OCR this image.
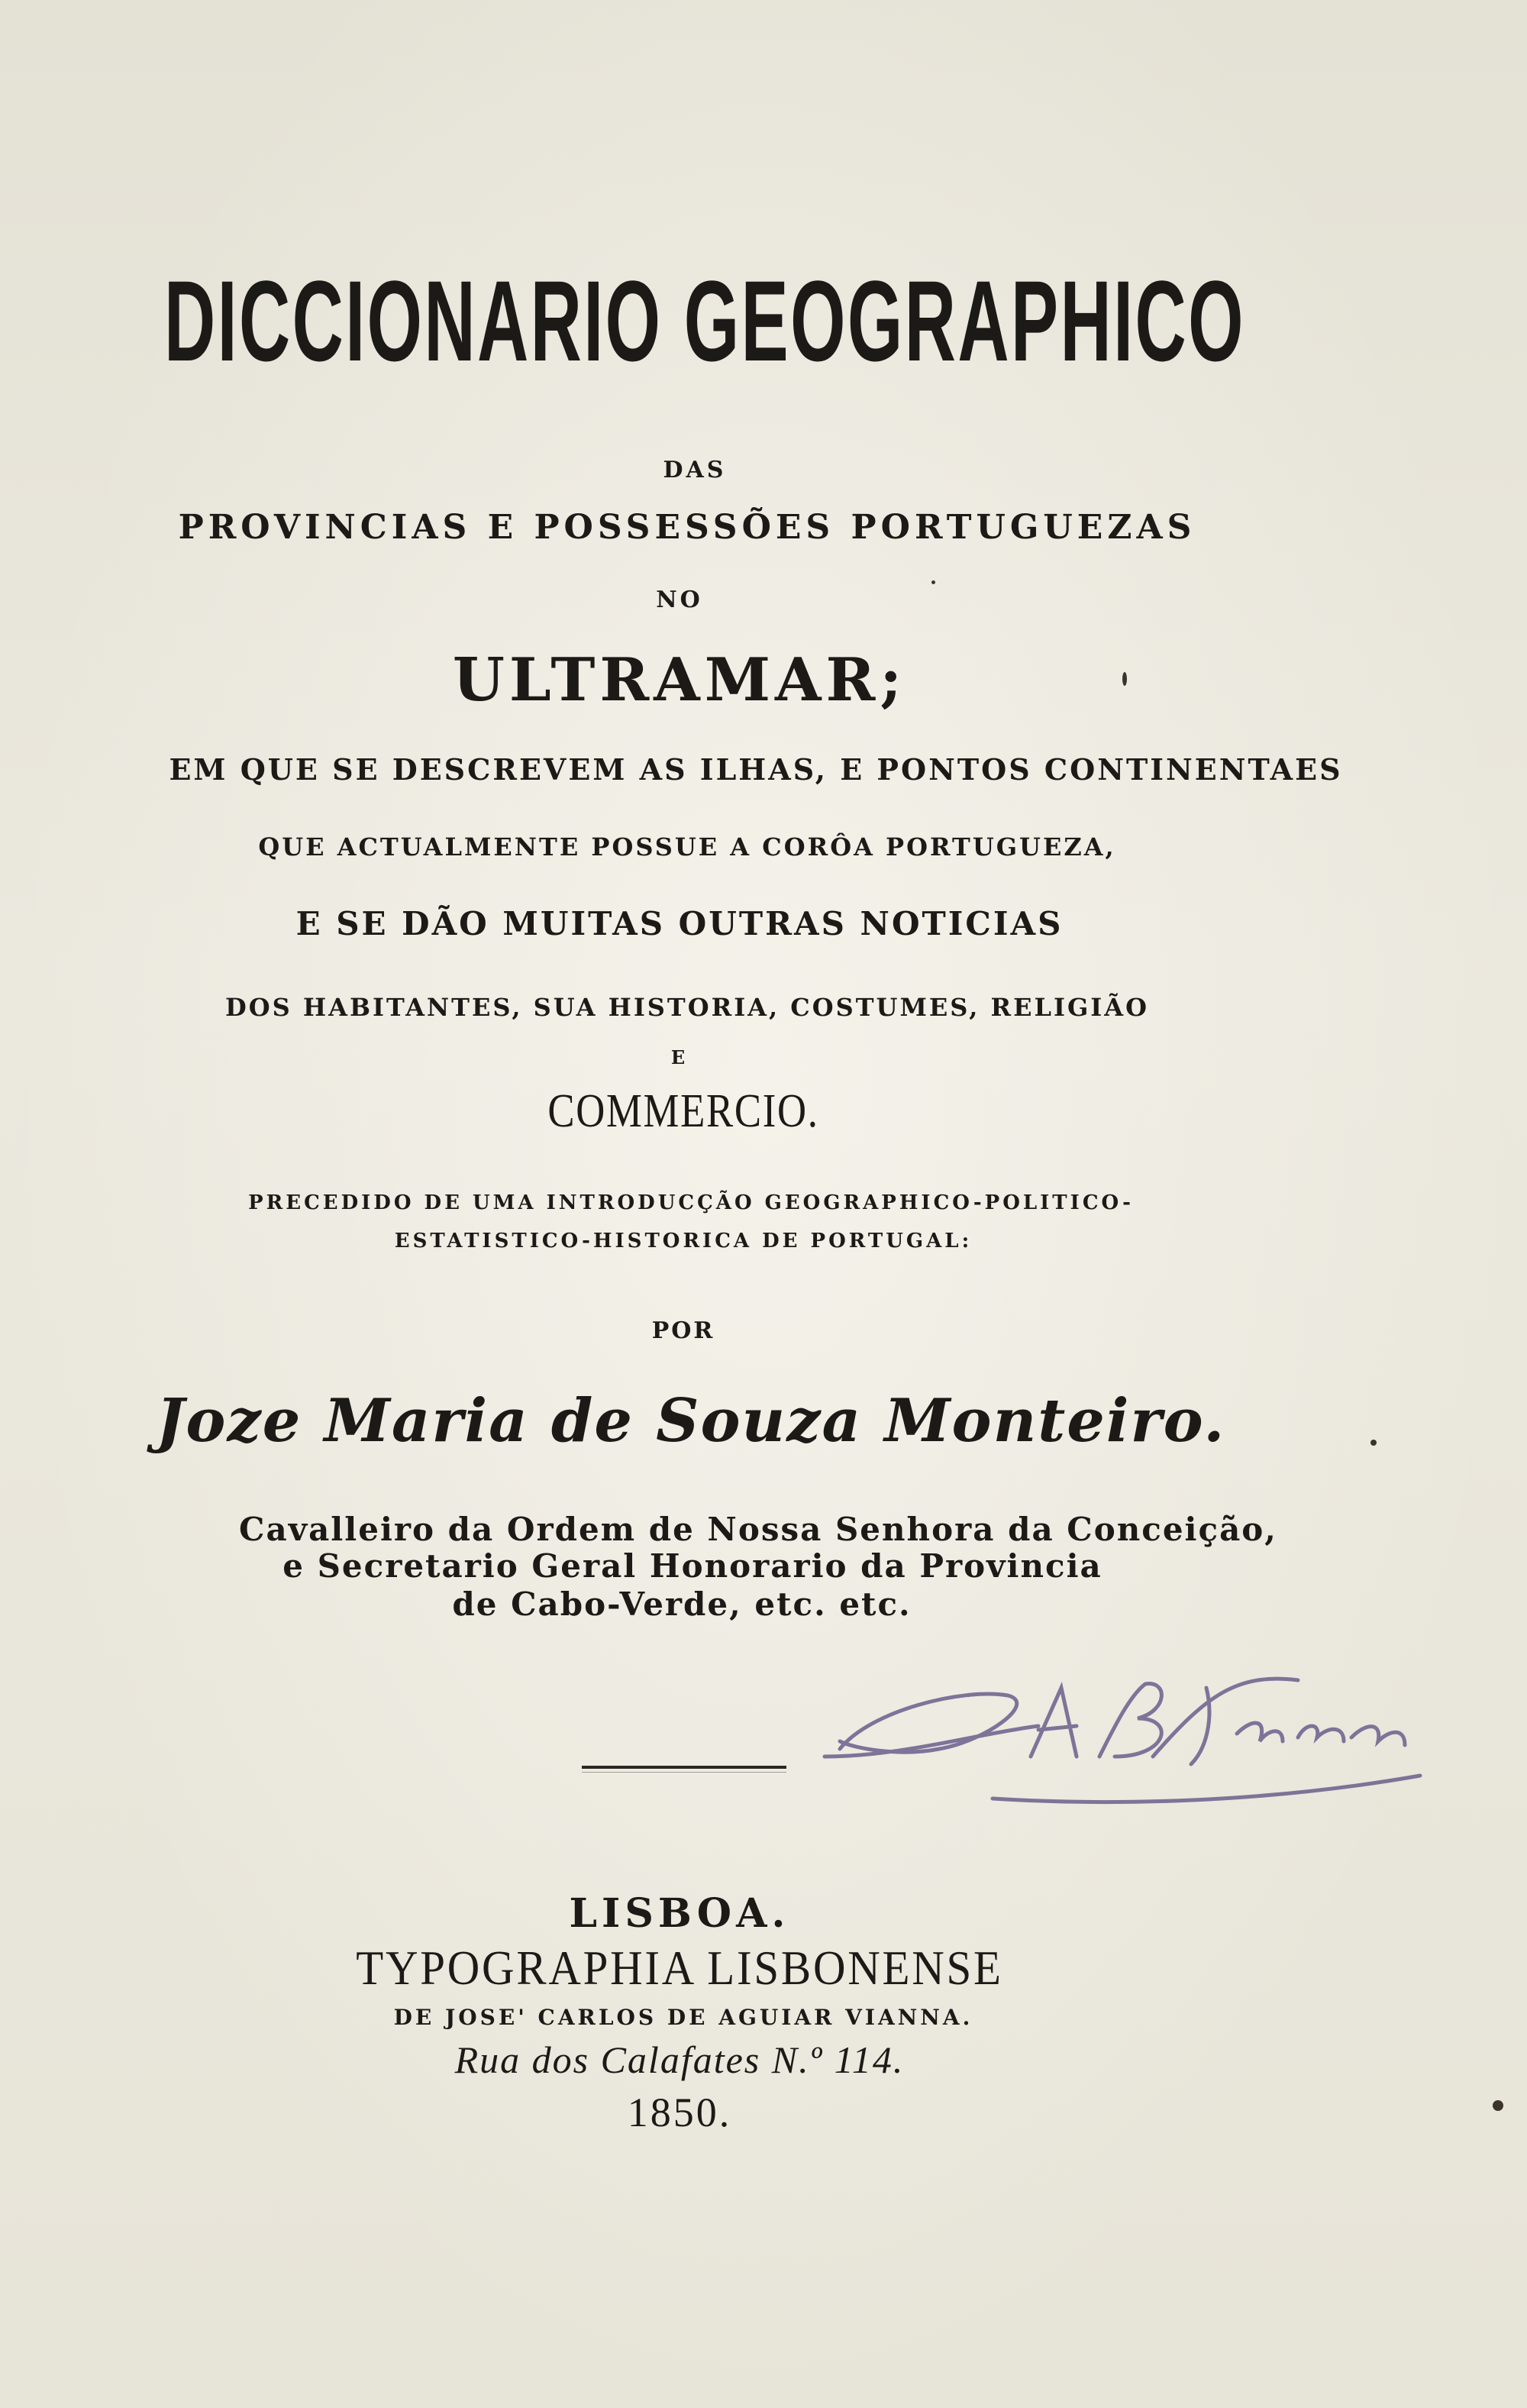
DICCIONARIO GEOGRAPHICO
DAS
PROVINCIAS E POSSESSÕES PORTUGUEZAS
NO
ULTRAMAR;
EM QUE SE DESCREVEM AS ILHAS, E PONTOS CONTINENTAES
QUE ACTUALMENTE POSSUE A CORÔA PORTUGUEZA,
E SE DÃO MUITAS OUTRAS NOTICIAS
DOS HABITANTES, SUA HISTORIA, COSTUMES, RELIGIÃO
E
COMMERCIO.
PRECEDIDO DE UMA INTRODUCÇÃO GEOGRAPHICO-POLITICO-
ESTATISTICO-HISTORICA DE PORTUGAL:
POR
Joze Maria de Souza Monteiro.
Cavalleiro da Ordem de Nossa Senhora da Conceição,
e Secretario Geral Honorario da Provincia
de Cabo-Verde, etc. etc.
LISBOA.
TYPOGRAPHIA LISBONENSE
DE JOSE' CARLOS DE AGUIAR VIANNA.
Rua dos Calafates N.º 114.
1850.
